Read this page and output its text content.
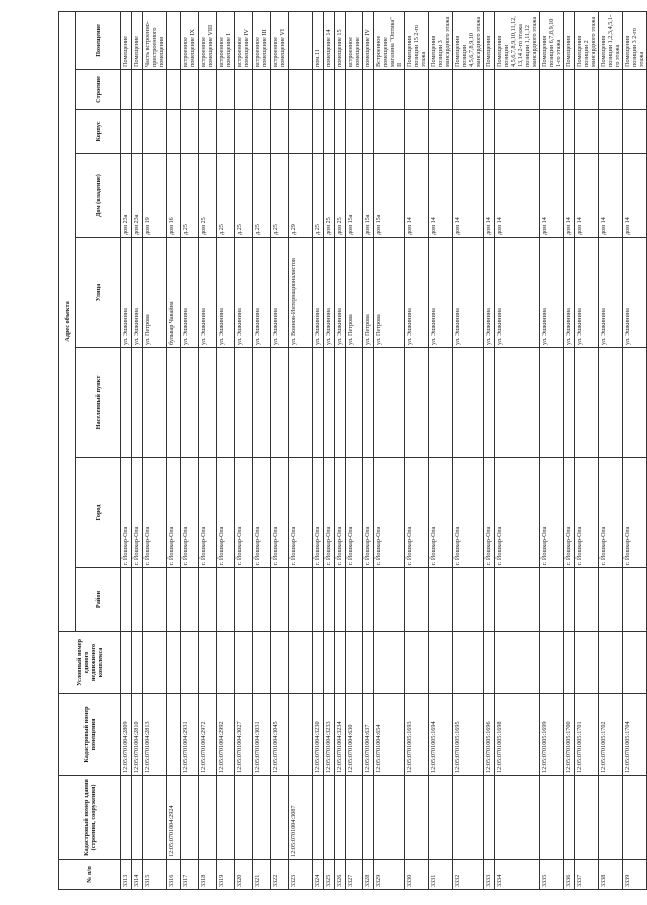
№ п/п	Кадастровый номер здания (строения, сооружения)	Кадастровый номер помещения	Условный номер единого недвижимого комплекса	Адрес объекта							
				Район	Город	Населенный пункт	Улица	Дом (владение)	Корпус	Строение	Помещение
3313		12:05:0701004:2809			г. Йошкар-Ола		ул. Эшкинина	дом 23а			Помещение
3314		12:05:0701004:2810			г. Йошкар-Ола		ул. Эшкинина	дом 23а			Помещение
3315		12:05:0701004:2813			г. Йошкар-Ола		ул. Петрова	дом 19			Часть встроенно-пристроенного помещения
3316	12:05:0701004:2924				г. Йошкар-Ола		бульвар Чавайна	дом 16			
3317		12:05:0701004:2931			г. Йошкар-Ола		ул. Эшкинина	д.25			встроенное помещение IX
3318		12:05:0701004:2972			г. Йошкар-Ола		ул. Эшкинина	дом 25			встроенное помещение VIII
3319		12:05:0701004:2992			г. Йошкар-Ола		ул. Эшкинина	д.25			встроенное помещение I
3320		12:05:0701004:3027			г. Йошкар-Ола		ул. Эшкинина	д.25			встроенное помещение IV
3321		12:05:0701004:3031			г. Йошкар-Ола		ул. Эшкинина	д.25			встроенное помещение III
3322		12:05:0701004:3045			г. Йошкар-Ола		ул. Эшкинина	д.25			встроенное помещение VI
3323	12:05:0701004:3087				г. Йошкар-Ола		ул. Воинов-Интернационалистов	д.29			
3324		12:05:0701004:3230			г. Йошкар-Ола		ул. Эшкинина	д.25			пом.11
3325		12:05:0701004:3233			г. Йошкар-Ола		ул. Эшкинина	дом 25			помещение 14
3326		12:05:0701004:3234			г. Йошкар-Ола		ул. Эшкинина	дом 25			помещение 15
3327		12:05:0701004:630			г. Йошкар-Ола		ул. Петрова	дом 15а			встроенное помещение
3328		12:05:0701004:637			г. Йошкар-Ола		ул. Петрова	дом 15а			помещение IV
3329		12:05:0701004:654			г. Йошкар-Ола		ул. Петрова	дом 15а			Встроенное помещение магазина "Оптика" II
3330		12:05:0701005:1693			г. Йошкар-Ола		ул. Эшкинина	дом 14			Помещения позиции 15 2-го этажа
3331		12:05:0701005:1694			г. Йошкар-Ола		ул. Эшкинина	дом 14			Помещения позиции 3 мансардного этажа
3332		12:05:0701005:1695			г. Йошкар-Ола		ул. Эшкинина	дом 14			Помещения позиции 4,5,6,7,8,9,10 мансардного этажа
3333		12:05:0701005:1696			г. Йошкар-Ола		ул. Эшкинина	дом 14			Помещения
3334		12:05:0701005:1698			г. Йошкар-Ола		ул. Эшкинина	дом 14			Помещения позиции 4,5,6,7,8,9,10,11,12,13,14 2-го этажа позиции 1,11,12 мансардного этажа
3335		12:05:0701005:1699			г. Йошкар-Ола		ул. Эшкинина	дом 14			Помещения позиции 6,7,8,9,10 1-го этажа
3336		12:05:0701005:1700			г. Йошкар-Ола		ул. Эшкинина	дом 14			Помещения
3337		12:05:0701005:1701			г. Йошкар-Ола		ул. Эшкинина	дом 14			Помещения позиции 2 мансардного этажа
3338		12:05:0701005:1702			г. Йошкар-Ола		ул. Эшкинина	дом 14			Помещения позиции 1,2,3,4,5,1-го этажа
3339		12:05:0701005:1704			г. Йошкар-Ола		ул. Эшкинина	дом 14			Помещения позиции 3 2-го этажа
